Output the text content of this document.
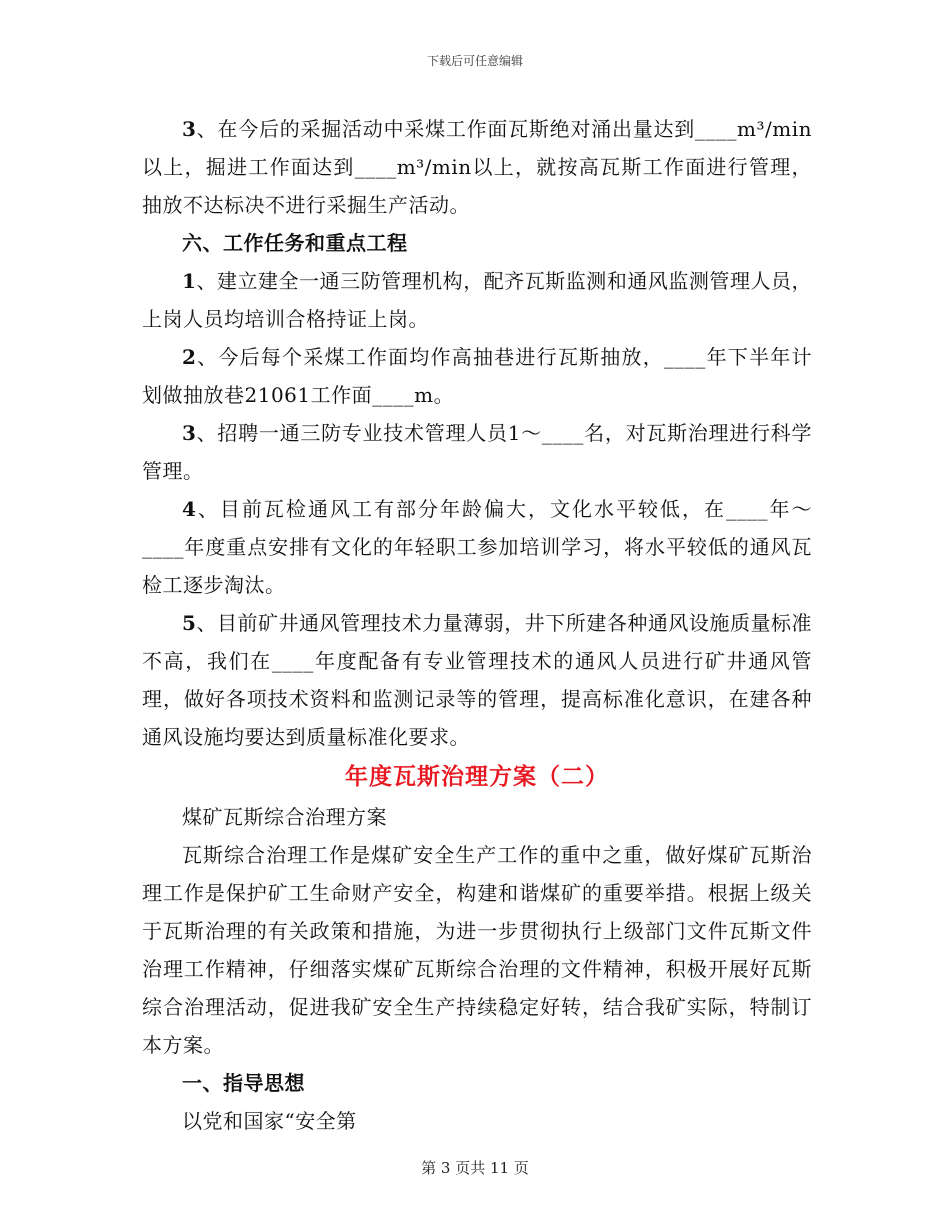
下载后可任意编辑

3、在今后的采掘活动中采煤工作面瓦斯绝对涌出量达到____m³/min以上，掘进工作面达到____m³/min以上，就按高瓦斯工作面进行管理，抽放不达标决不进行采掘生产活动。

六、工作任务和重点工程

1、建立建全一通三防管理机构，配齐瓦斯监测和通风监测管理人员，上岗人员均培训合格持证上岗。

2、今后每个采煤工作面均作高抽巷进行瓦斯抽放，____年下半年计划做抽放巷21061工作面____m。

3、招聘一通三防专业技术管理人员1～____名，对瓦斯治理进行科学管理。

4、目前瓦检通风工有部分年龄偏大，文化水平较低，在____年～____年度重点安排有文化的年轻职工参加培训学习，将水平较低的通风瓦检工逐步淘汰。

5、目前矿井通风管理技术力量薄弱，井下所建各种通风设施质量标准不高，我们在____年度配备有专业管理技术的通风人员进行矿井通风管理，做好各项技术资料和监测记录等的管理，提高标准化意识，在建各种通风设施均要达到质量标准化要求。

年度瓦斯治理方案（二）

煤矿瓦斯综合治理方案

瓦斯综合治理工作是煤矿安全生产工作的重中之重，做好煤矿瓦斯治理工作是保护矿工生命财产安全，构建和谐煤矿的重要举措。根据上级关于瓦斯治理的有关政策和措施，为进一步贯彻执行上级部门文件瓦斯文件治理工作精神，仔细落实煤矿瓦斯综合治理的文件精神，积极开展好瓦斯综合治理活动，促进我矿安全生产持续稳定好转，结合我矿实际，特制订本方案。

一、指导思想

以党和国家“安全第

第 3 页共 11 页
